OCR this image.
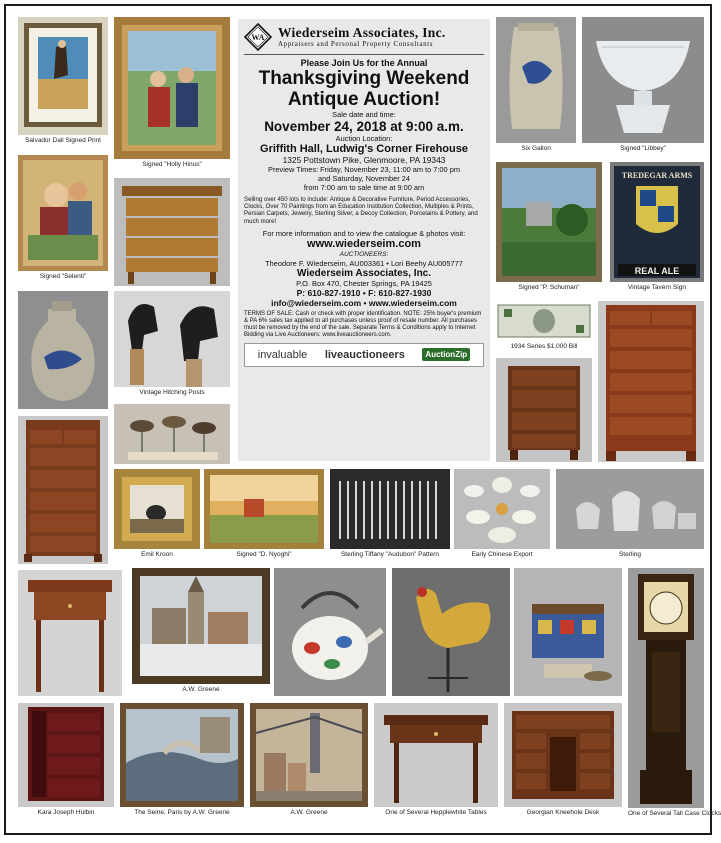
Salvador Dali Signed Print
Signed "Selenti"
Kara Joseph Hulbin
Signed "Holly Hinus"
Vintage Hitching Posts
WA Wiederseim Associates, Inc.
Appraisers and Personal Property Consultants
Please Join Us for the Annual
Thanksgiving Weekend
Antique Auction!
Sale date and time:
November 24, 2018 at 9:00 a.m.
Auction Location:
Griffith Hall, Ludwig's Corner Firehouse
1325 Pottstown Pike, Glenmoore, PA 19343
Preview Times: Friday, November 23, 11:00 am to 7:00 pm
and Saturday, November 24
from 7:00 am to sale time at 9:00 am
Selling over 450 lots to include: Antique & Decorative Furniture, Period Accessories, Clocks, Over 70 Paintings from an Education Institution Collection, Multiples & Prints, Persian Carpets, Jewelry, Sterling Silver, a Decoy Collection, Porcelains & Pottery, and much more!
For more information and to view the catalogue & photos visit:
www.wiederseim.com
AUCTIONEERS:
Theodore F. Wiederseim, AU003361 • Lori Beehy AU005777
Wiederseim Associates, Inc.
P.O. Box 470, Chester Springs, PA 19425
P: 610-827-1910 • F: 610-827-1930
info@wiederseim.com • www.wiederseim.com
TERMS OF SALE: Cash or check with proper identification. NOTE: 25% buyer's premium & PA 6% sales tax applied to all purchases unless proof of resale number. All purchases must be removed by the end of the sale. Separate Terms & Conditions apply to Internet Bidding via Live Auctioneers: www.liveauctioneers.com.
invaluable liveauctioneers	AuctionZip
Six Gallon	Signed "Libbey"
Signed "P. Schuman"
TREDEGAR ARMS
REAL ALE
Vintage Tavern Sign
1934 Series $1,000 Bill
Emil Kroon	Signed "D. Nyoghi"	Sterling Tiffany "Audubon" Pattern	Early Chinese Export	Sterling
A.W. Greene
One of Several Tall Case Clocks
The Seine, Paris by A.W. Greene	A.W. Greene	One of Several Hepplewhite Tables	Georgian Kneehole Desk
